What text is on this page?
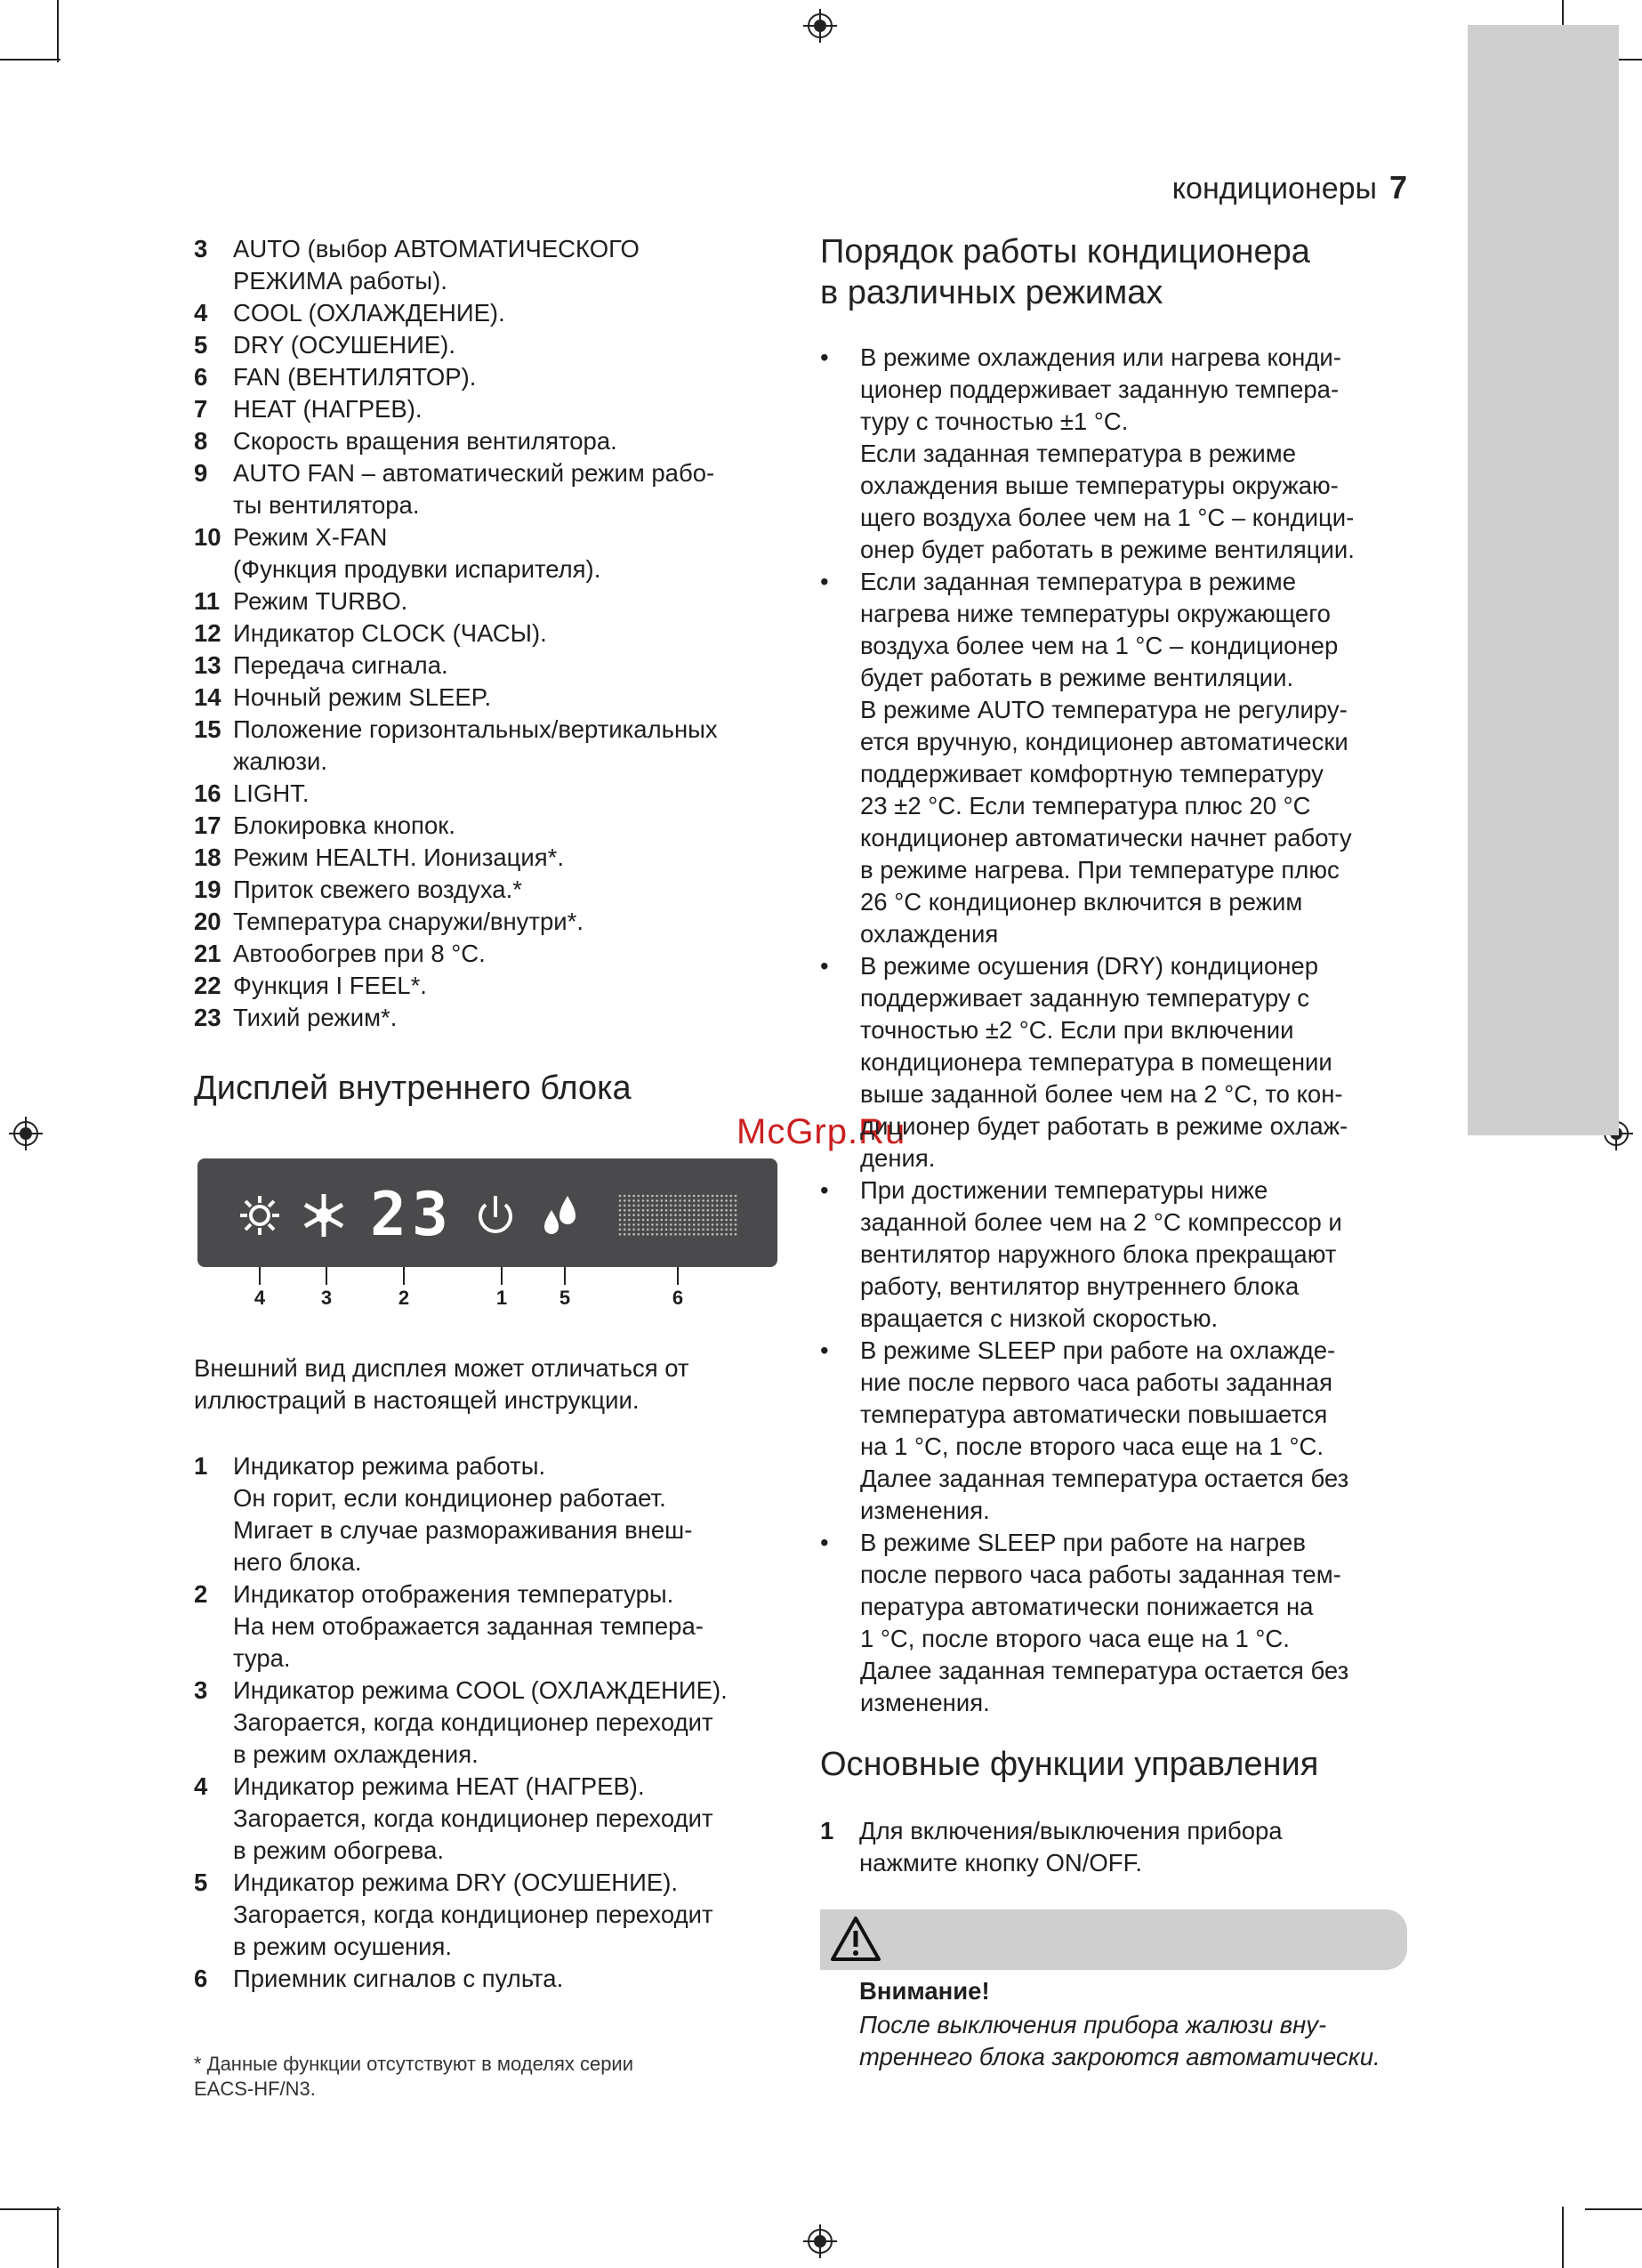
кондиционеры 7
3	AUTO (выбор АВТОМАТИЧЕСКОГО
РЕЖИМА работы).
4	COOL (ОХЛАЖДЕНИЕ).
5	DRY (ОСУШЕНИЕ).
6	FAN (ВЕНТИЛЯТОР).
7	HEAT (НАГРЕВ).
8	Скорость вращения вентилятора.
9	AUTO FAN – автоматический режим рабо-
ты вентилятора.
10 Режим X-FAN
(Функция продувки испарителя).
11 Режим TURBO.
12 Индикатор CLOCK (ЧАСЫ).
13 Передача сигнала.
14 Ночный режим SLEEP.
15 Положение горизонтальных/вертикальных
жалюзи.
16 LIGHT.
17 Блокировка кнопок.
18 Режим HEALTH. Ионизация*.
19 Приток свежего воздуха.*
20 Температура снаружи/внутри*.
21 Автообогрев при 8 °C.
22 Функция I FEEL*.
23 Тихий режим*.
Дисплей внутреннего блока
23
4	3	2	1	5	6
McGrp.Ru
Внешний вид дисплея может отличаться от
иллюстраций в настоящей инструкции.
1	Индикатор режима работы.
Он горит, если кондиционер работает.
Мигает в случае размораживания внеш-
него блока.
2	Индикатор отображения температуры.
На нем отображается заданная темпера-
тура.
3	Индикатор режима COOL (ОХЛАЖДЕНИЕ).
Загорается, когда кондиционер переходит
в режим охлаждения.
4	Индикатор режима HEAT (НАГРЕВ).
Загорается, когда кондиционер переходит
в режим обогрева.
5	Индикатор режима DRY (ОСУШЕНИЕ).
Загорается, когда кондиционер переходит
в режим осушения.
6	Приемник сигналов с пульта.
* Данные функции отсутствуют в моделях серии
EACS-HF/N3.
Порядок работы кондиционера
в различных режимах
•	В режиме охлаждения или нагрева конди-
ционер поддерживает заданную темпера-
туру с точностью ±1 °C.
Если заданная температура в режиме
охлаждения выше температуры окружаю-
щего воздуха более чем на 1 °C – кондици-
онер будет работать в режиме вентиляции.
•	Если заданная температура в режиме
нагрева ниже температуры окружающего
воздуха более чем на 1 °C – кондиционер
будет работать в режиме вентиляции.
В режиме AUTO температура не регулиру-
ется вручную, кондиционер автоматически
поддерживает комфортную температуру
23 ±2 °C. Если температура плюс 20 °C
кондиционер автоматически начнет работу
в режиме нагрева. При температуре плюс
26 °C кондиционер включится в режим
охлаждения
•	В режиме осушения (DRY) кондиционер
поддерживает заданную температуру с
точностью ±2 °C. Если при включении
кондиционера температура в помещении
выше заданной более чем на 2 °C, то кон-
диционер будет работать в режиме охлаж-
дения.
•	При достижении температуры ниже
заданной более чем на 2 °C компрессор и
вентилятор наружного блока прекращают
работу, вентилятор внутреннего блока
вращается с низкой скоростью.
•	В режиме SLEEP при работе на охлажде-
ние после первого часа работы заданная
температура автоматически повышается
на 1 °C, после второго часа еще на 1 °C.
Далее заданная температура остается без
изменения.
•	В режиме SLEEP при работе на нагрев
после первого часа работы заданная тем-
пература автоматически понижается на
1 °C, после второго часа еще на 1 °C.
Далее заданная температура остается без
изменения.
Основные функции управления
1	Для включения/выключения прибора
нажмите кнопку ON/OFF.
Внимание!
После выключения прибора жалюзи вну-
треннего блока закроются автоматически.
